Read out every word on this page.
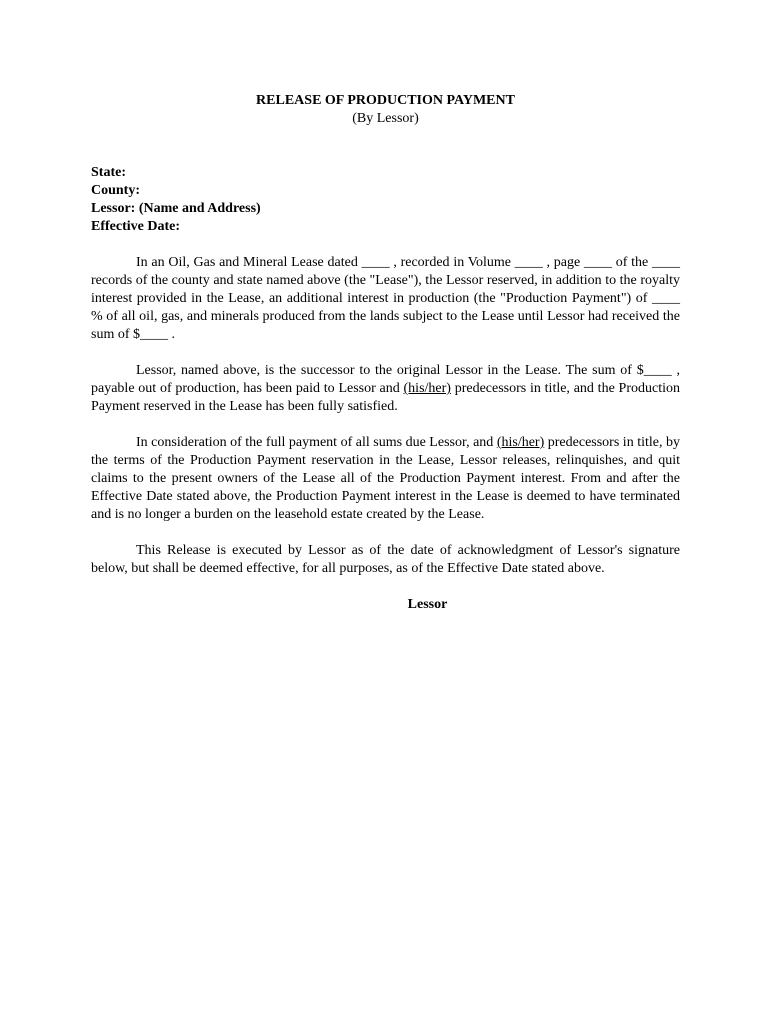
RELEASE OF PRODUCTION PAYMENT
(By Lessor)
State:
County:
Lessor: (Name and Address)
Effective Date:

In an Oil, Gas and Mineral Lease dated ____ , recorded in Volume ____ , page ____ of the ____ records of the county and state named above (the "Lease"), the Lessor reserved, in addition to the royalty interest provided in the Lease, an additional interest in production (the "Production Payment") of ____ % of all oil, gas, and minerals produced from the lands subject to the Lease until Lessor had received the sum of $____ .

Lessor, named above, is the successor to the original Lessor in the Lease. The sum of $____ , payable out of production, has been paid to Lessor and (his/her) predecessors in title, and the Production Payment reserved in the Lease has been fully satisfied.

In consideration of the full payment of all sums due Lessor, and (his/her) predecessors in title, by the terms of the Production Payment reservation in the Lease, Lessor releases, relinquishes, and quit claims to the present owners of the Lease all of the Production Payment interest. From and after the Effective Date stated above, the Production Payment interest in the Lease is deemed to have terminated and is no longer a burden on the leasehold estate created by the Lease.

This Release is executed by Lessor as of the date of acknowledgment of Lessor's signature below, but shall be deemed effective, for all purposes, as of the Effective Date stated above.

Lessor
